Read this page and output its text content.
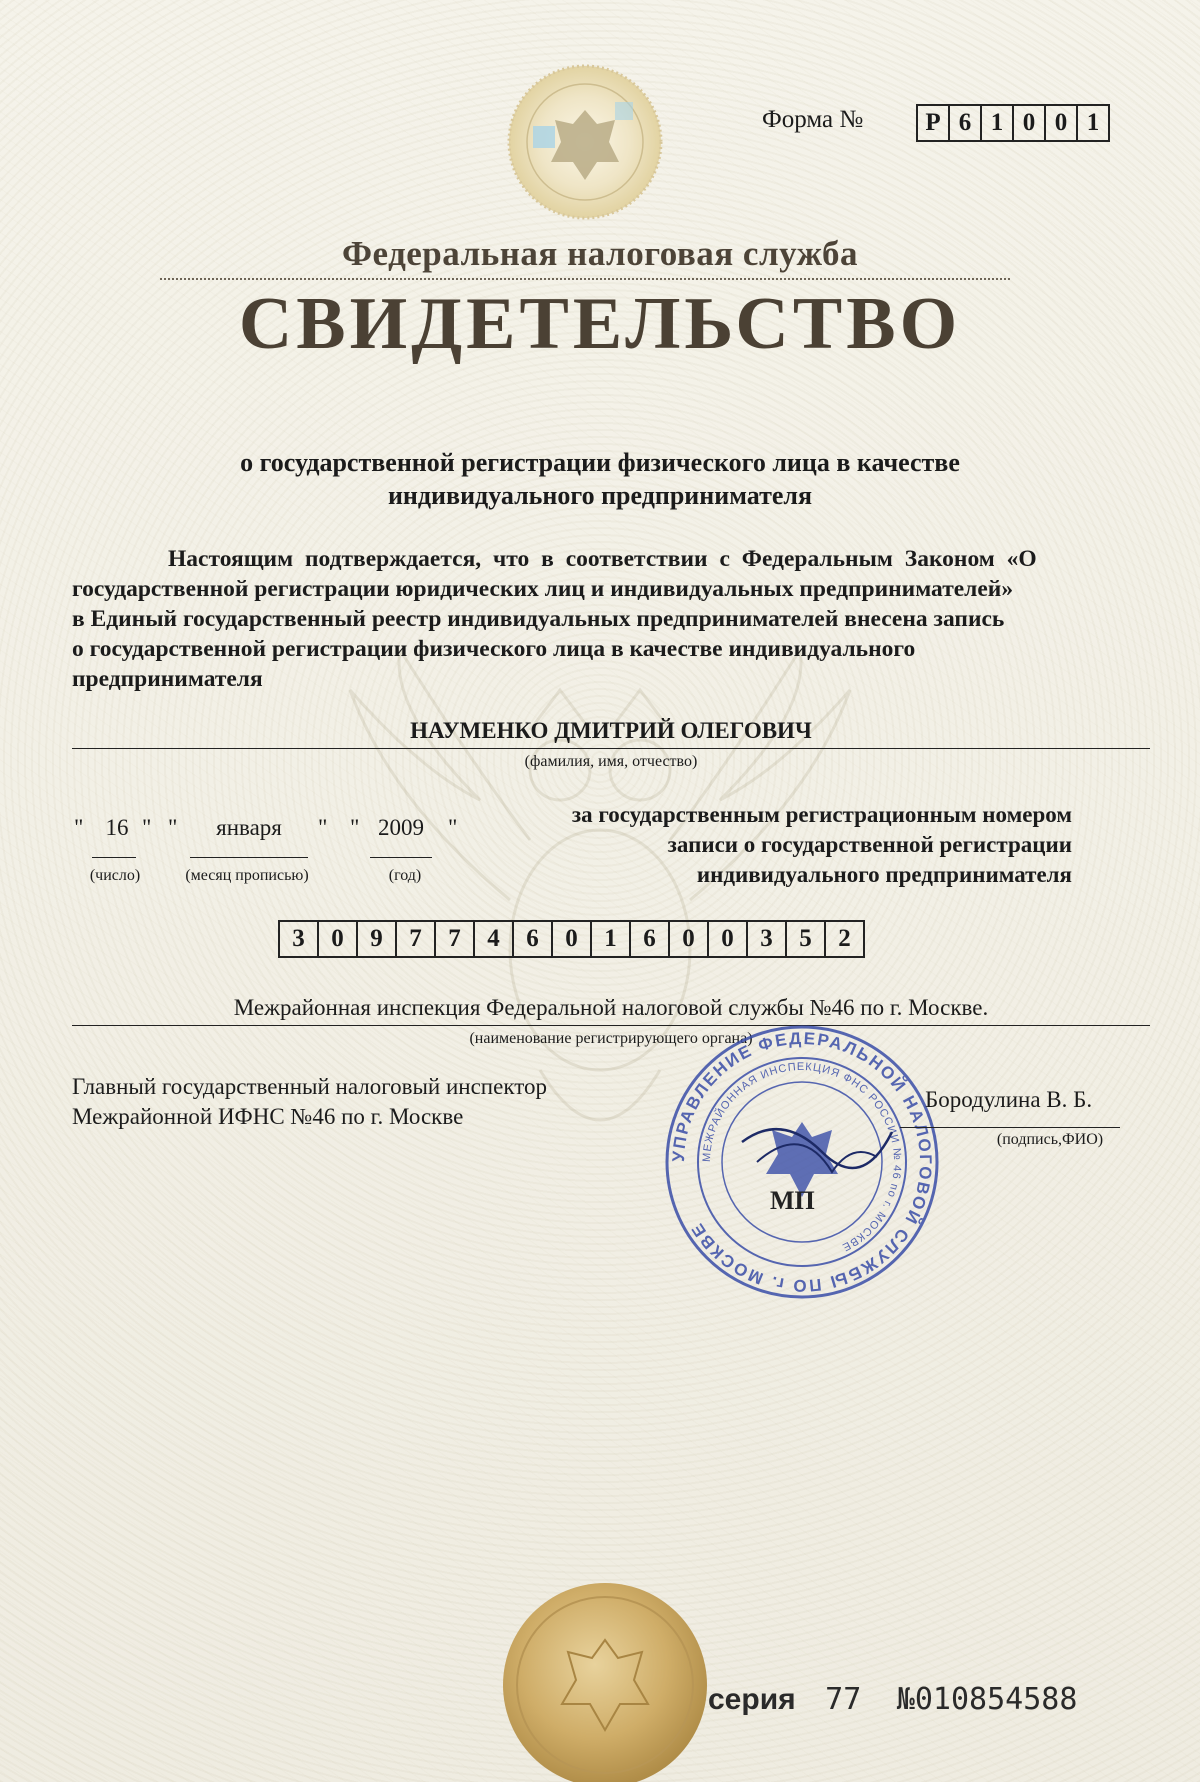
Форма № Р 6 1 0 0 1
Федеральная налоговая служба
СВИДЕТЕЛЬСТВО
о государственной регистрации физического лица в качестве
индивидуального предпринимателя
Настоящим подтверждается, что в соответствии с Федеральным Законом «О
государственной регистрации юридических лиц и индивидуальных предпринимателей»
в Единый государственный реестр индивидуальных предпринимателей внесена запись
о государственной регистрации физического лица в качестве индивидуального
предпринимателя
НАУМЕНКО ДМИТРИЙ ОЛЕГОВИЧ
(фамилия, имя, отчество)
" 16 " "	января	" " 2009	"
(число)	(месяц прописью)	(год)
за государственным регистрационным номером
записи о государственной регистрации
индивидуального предпринимателя
3	0	9	7	7	4	6	0	1	6	0	0	3	5	2
Межрайонная инспекция Федеральной налоговой службы №46 по г. Москве.
(наименование регистрирующего органа)
Главный государственный налоговый инспектор
Межрайонной ИФНС №46 по г. Москве
УПРАВЛЕНИЕ ФЕДЕРАЛЬНОЙ НАЛОГОВОЙ СЛУЖБЫ ПО г. МОСКВЕ
МЕЖРАЙОННАЯ ИНСПЕКЦИЯ ФНС РОССИИ № 46 по г. МОСКВЕ
Бородулина В. Б.
(подпись,ФИО)
МП
серия 77 №010854588
